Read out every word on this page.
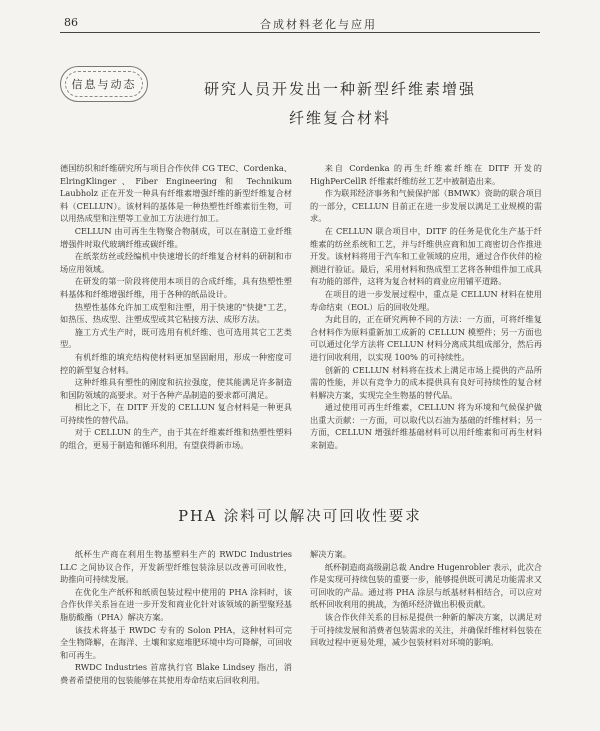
86	合成材料老化与应用
信息与动态	研究人员开发出一种新型纤维素增强
纤维复合材料

德国纺织和纤维研究所与项目合作伙伴 CG TEC、Cordenka、ElringKlinger、Fiber Engineering 和 Technikum Laubholz 正在开发一种具有纤维素增强纤维的新型纤维复合材料（CELLUN）。该材料的基体是一种热塑性纤维素衍生物，可以用热成型和注塑等工业加工方法进行加工。

CELLUN 由可再生生物聚合物制成，可以在制造工业纤维增强件时取代玻璃纤维或碳纤维。

在纸浆纺丝或经编机中快速增长的纤维复合材料的研制和市场应用领域。

在研发的第一阶段将使用本项目的合成纤维，具有热塑性塑料基体和纤维增强纤维，用于各种的纸品设计。

热塑性基体允许加工成型和注塑，用于快速的"快捷"工艺，如热压、热成型、注塑成型或其它粘接方法、成形方法。

施工方式生产时，既可选用有机纤维、也可选用其它工艺类型。

有机纤维的填充结构使材料更加坚固耐用，形成一种密度可控的新型复合材料。

这种纤维具有塑性的刚度和抗拉强度，使其能满足许多制造和国防领域的高要求。对于各种产品制造的要求都可满足。

相比之下，在 DITF 开发的 CELLUN 复合材料是一种更具可持续性的替代品。

对于 CELLUN 的生产，由于其在纤维素纤维和热塑性塑料的组合，更易于制造和循环利用，有望获得新市场。

来自 Cordenka 的再生纤维素纤维在 DITF 开发的 HighPerCellR 纤维素纤维纺丝工艺中被制造出来。

作为联邦经济事务和气候保护部（BMWK）资助的联合项目的一部分，CELLUN 目前正在进一步发展以满足工业规模的需求。

在 CELLUN 联合项目中，DITF 的任务是优化生产基于纤维素的纺丝系统和工艺，并与纤维供应商和加工商密切合作推进开发。该材料将用于汽车和工业领域的应用，通过合作伙伴的检测进行验证。最后，采用材料和热成型工艺将各种组件加工成具有功能的部件，这将为复合材料的商业应用铺平道路。

在项目的进一步发展过程中，重点是 CELLUN 材料在使用寿命结束（EOL）后的回收处理。

为此目的，正在研究两种不同的方法：一方面，可将纤维复合材料作为原料重新加工成新的 CELLUN 模塑件；另一方面也可以通过化学方法将 CELLUN 材料分离成其组成部分，然后再进行回收利用，以实现 100% 的可持续性。

创新的 CELLUN 材料将在技术上满足市场上提供的产品所需的性能，并以有竞争力的成本提供具有良好可持续性的复合材料解决方案，实现完全生物基的替代品。

通过使用可再生纤维素，CELLUN 将为环境和气候保护做出重大贡献：一方面，可以取代以石油为基础的纤维材料；另一方面，CELLUN 增强纤维基础材料可以用纤维素和可再生材料来制造。

PHA 涂料可以解决可回收性要求

纸杯生产商在利用生物基塑料生产的 RWDC Industries LLC 之间协议合作，开发新型纤维包装涂层以改善可回收性，助推向可持续发展。

在优化生产纸杯和纸质包装过程中使用的 PHA 涂料时，该合作伙伴关系旨在进一步开发和商业化针对该领域的新型聚羟基脂肪酸酯（PHA）解决方案。

该技术将基于 RWDC 专有的 Solon PHA，这种材料可完全生物降解，在海洋、土壤和家庭堆肥环境中均可降解，可回收和可再生。

RWDC Industries 首席执行官 Blake Lindsey 指出，消费者希望使用的包装能够在其使用寿命结束后回收利用。

解决方案。

纸杯制造商高级副总裁 Andre Hugenrobler 表示，此次合作是实现可持续包装的重要一步，能够提供既可满足功能需求又可回收的产品。通过将 PHA 涂层与纸基材料相结合，可以应对纸杯回收利用的挑战，为循环经济做出积极贡献。

该合作伙伴关系的目标是提供一种新的解决方案，以满足对于可持续发展和消费者包装需求的关注，并确保纤维材料包装在回收过程中更易处理，减少包装材料对环境的影响。
